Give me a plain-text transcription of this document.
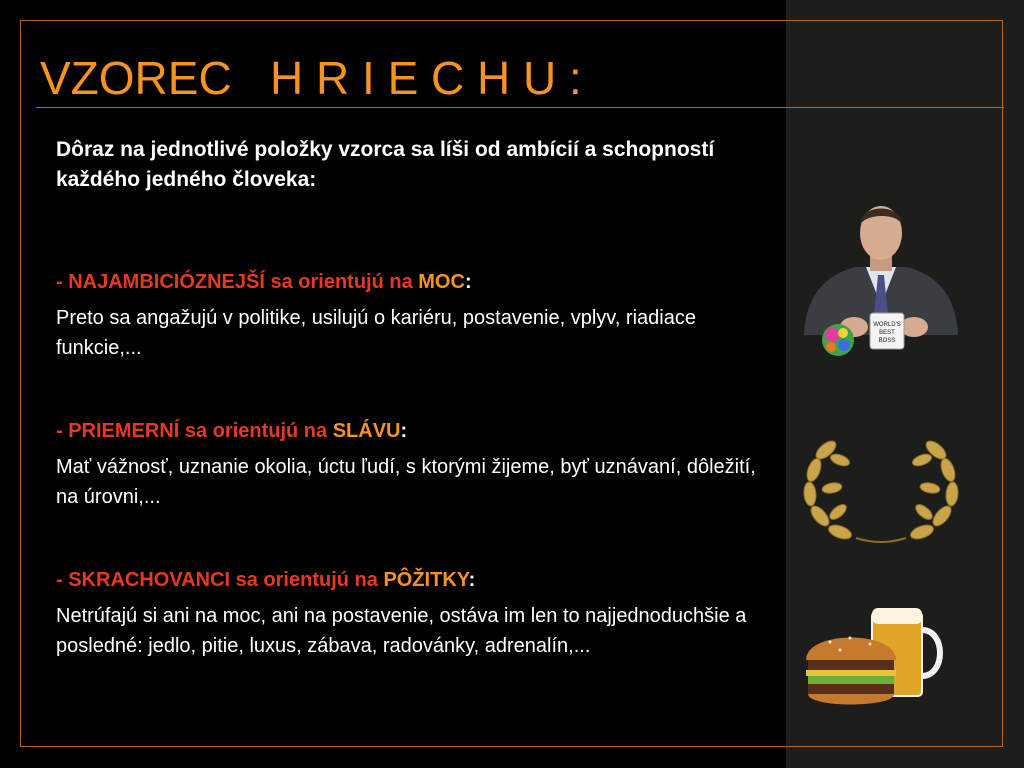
VZOREC   H R I E C H U :

Dôraz na jednotlivé položky vzorca sa líši od ambícií a schopností každého jedného človeka:

- NAJAMBICIÓZNEJŠÍ sa orientujú na MOC:

Preto sa angažujú v politike, usilujú o kariéru, postavenie, vplyv, riadiace funkcie,...

- PRIEMERNÍ sa orientujú na SLÁVU:

Mať vážnosť, uznanie okolia, úctu ľudí, s ktorými žijeme, byť uznávaní, dôležití, na úrovni,...

- SKRACHOVANCI sa orientujú na PÔŽITKY:

Netrúfajú si ani na moc, ani na postavenie, ostáva im len to najjednoduchšie a posledné: jedlo, pitie, luxus, zábava, radovánky, adrenalín,...

WORLD'S
BEST
BOSS
